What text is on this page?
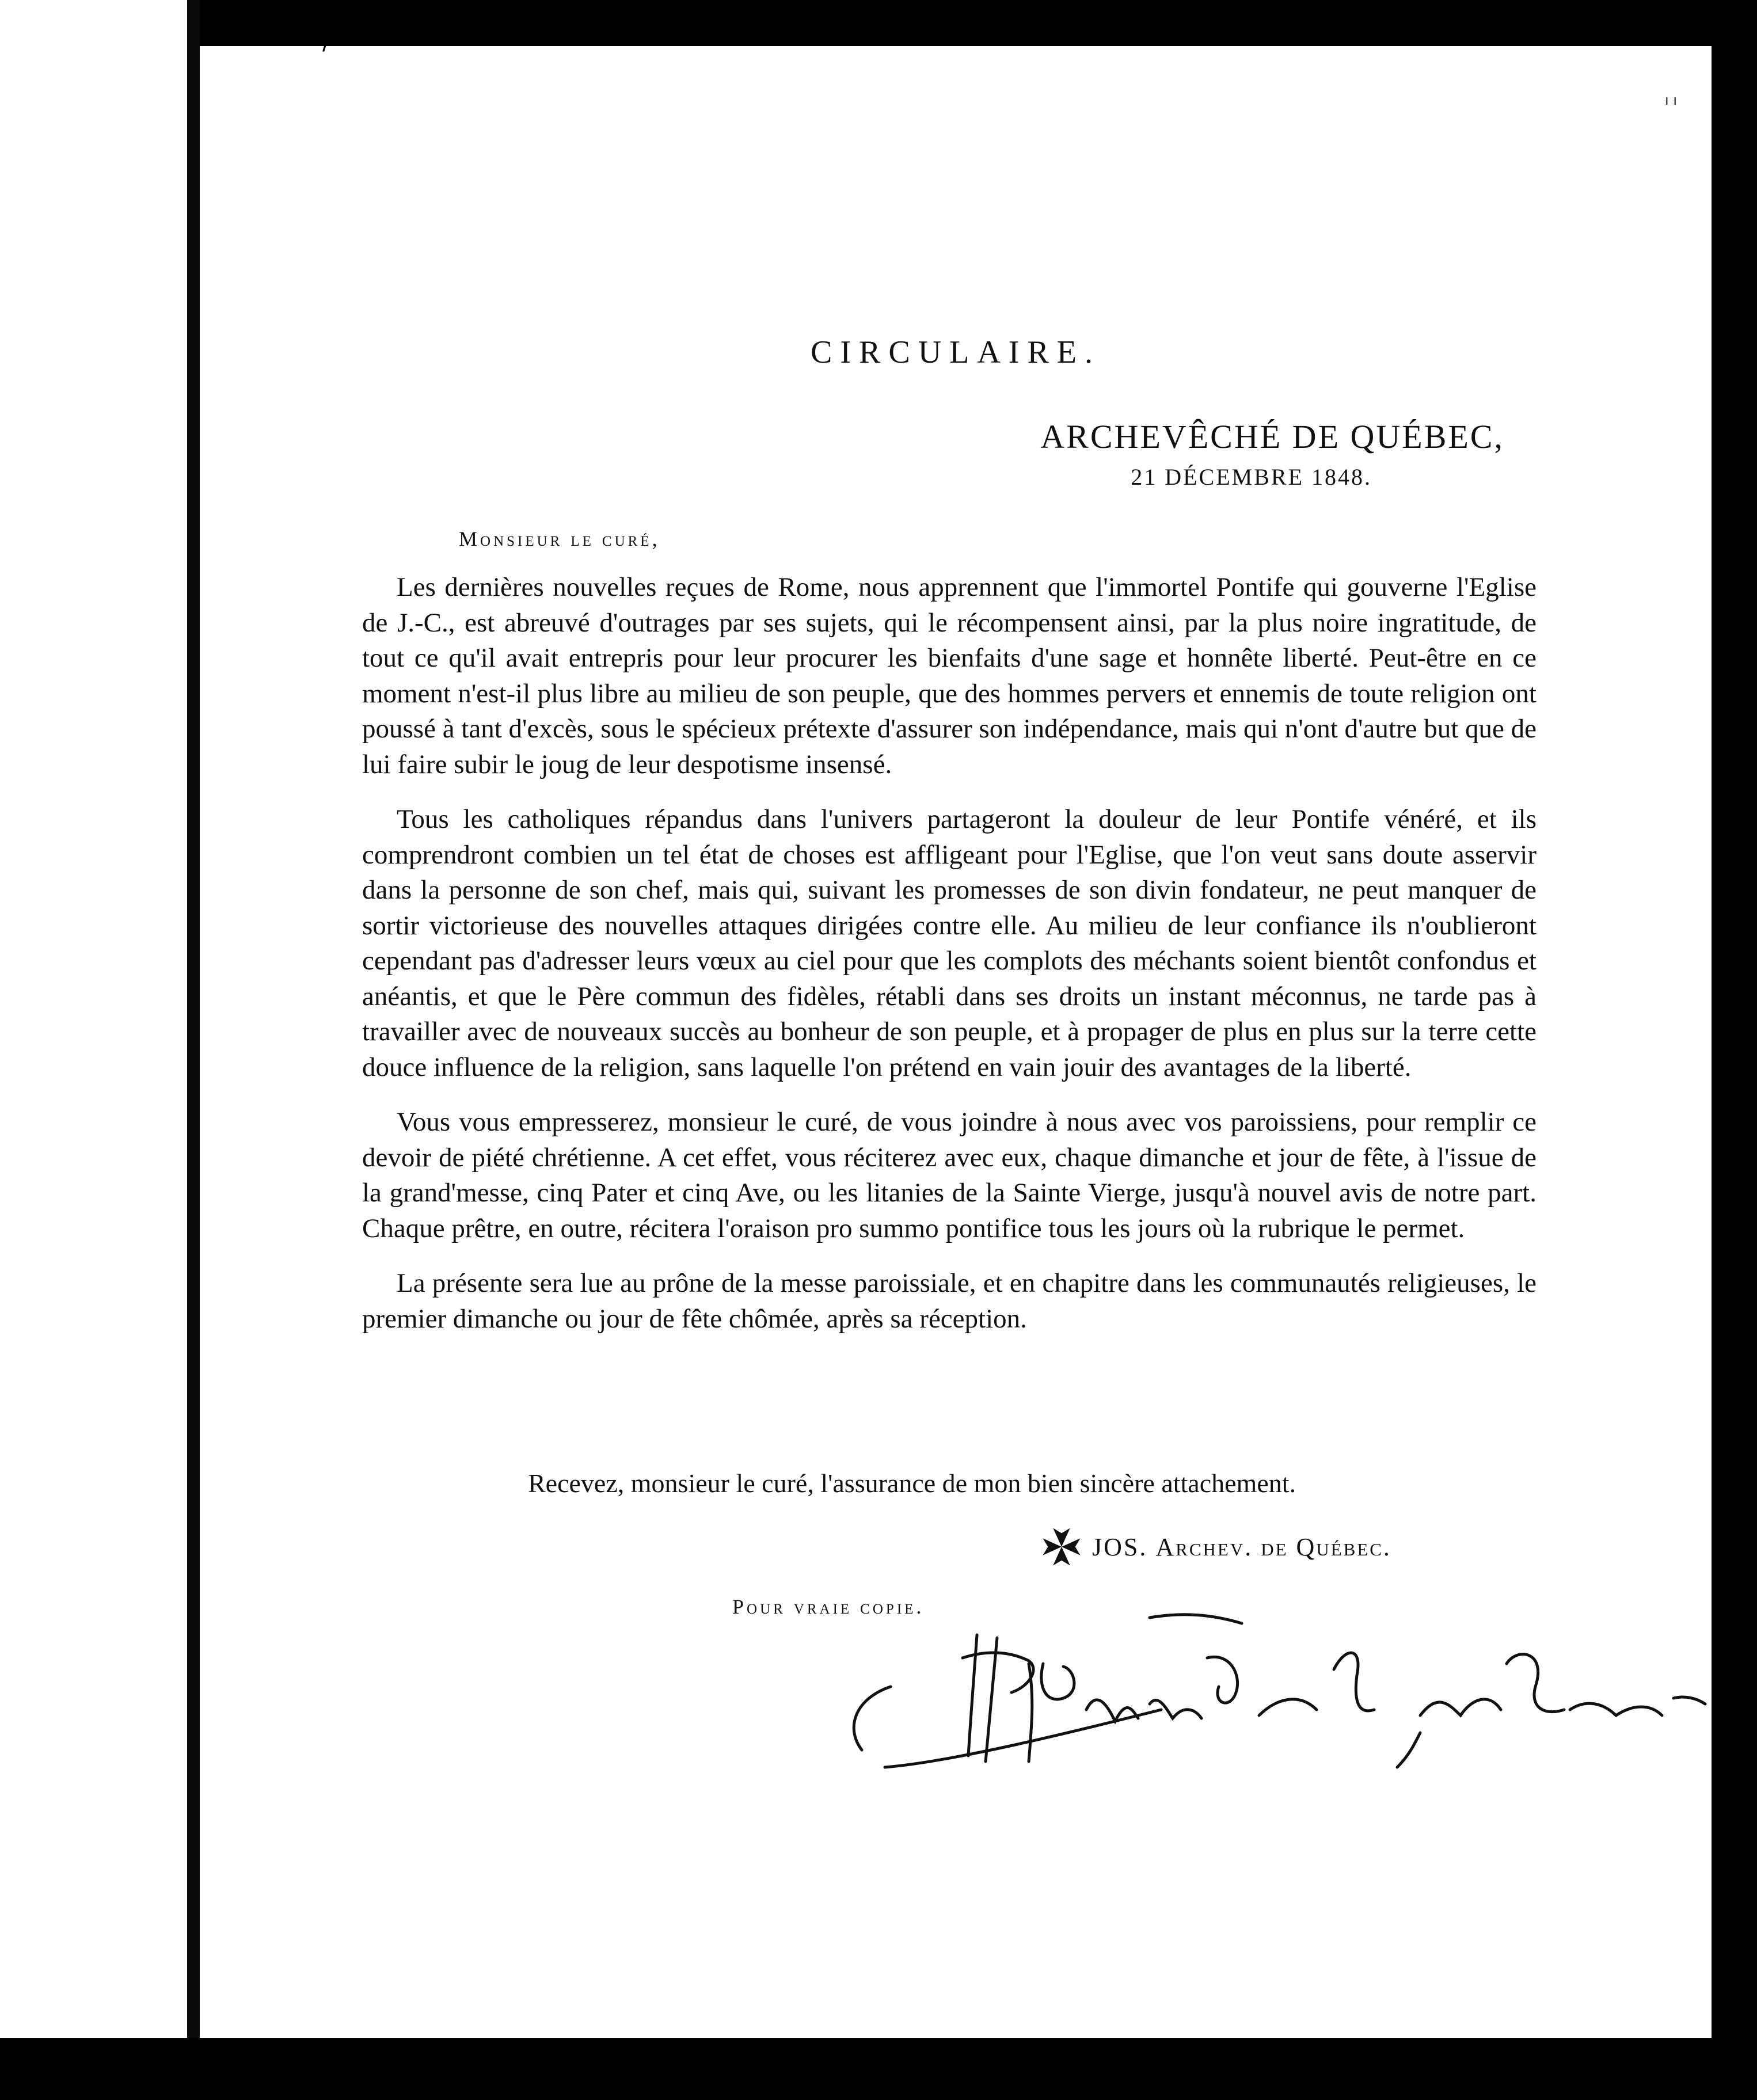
CIRCULAIRE.
ARCHEVÊCHÉ DE QUÉBEC,
21 DÉCEMBRE 1848.
Monsieur le curé,

Les dernières nouvelles reçues de Rome, nous apprennent que l'immortel Pontife qui gouverne l'Eglise de J.-C., est abreuvé d'outrages par ses sujets, qui le récompensent ainsi, par la plus noire ingratitude, de tout ce qu'il avait entrepris pour leur procurer les bienfaits d'une sage et honnête liberté. Peut-être en ce moment n'est-il plus libre au milieu de son peuple, que des hommes pervers et ennemis de toute religion ont poussé à tant d'excès, sous le spécieux prétexte d'assurer son indépendance, mais qui n'ont d'autre but que de lui faire subir le joug de leur despotisme insensé.

Tous les catholiques répandus dans l'univers partageront la douleur de leur Pontife vénéré, et ils comprendront combien un tel état de choses est affligeant pour l'Eglise, que l'on veut sans doute asservir dans la personne de son chef, mais qui, suivant les promesses de son divin fondateur, ne peut manquer de sortir victorieuse des nouvelles attaques dirigées contre elle. Au milieu de leur confiance ils n'oublieront cependant pas d'adresser leurs vœux au ciel pour que les complots des méchants soient bientôt confondus et anéantis, et que le Père commun des fidèles, rétabli dans ses droits un instant méconnus, ne tarde pas à travailler avec de nouveaux succès au bonheur de son peuple, et à propager de plus en plus sur la terre cette douce influence de la religion, sans laquelle l'on prétend en vain jouir des avantages de la liberté.

Vous vous empresserez, monsieur le curé, de vous joindre à nous avec vos paroissiens, pour remplir ce devoir de piété chrétienne. A cet effet, vous réciterez avec eux, chaque dimanche et jour de fête, à l'issue de la grand'messe, cinq Pater et cinq Ave, ou les litanies de la Sainte Vierge, jusqu'à nouvel avis de notre part. Chaque prêtre, en outre, récitera l'oraison pro summo pontifice tous les jours où la rubrique le permet.

La présente sera lue au prône de la messe paroissiale, et en chapitre dans les communautés religieuses, le premier dimanche ou jour de fête chômée, après sa réception.

Recevez, monsieur le curé, l'assurance de mon bien sincère attachement.
JOS.
Archev. de Québec.
Pour vraie copie.
ı ı
/
